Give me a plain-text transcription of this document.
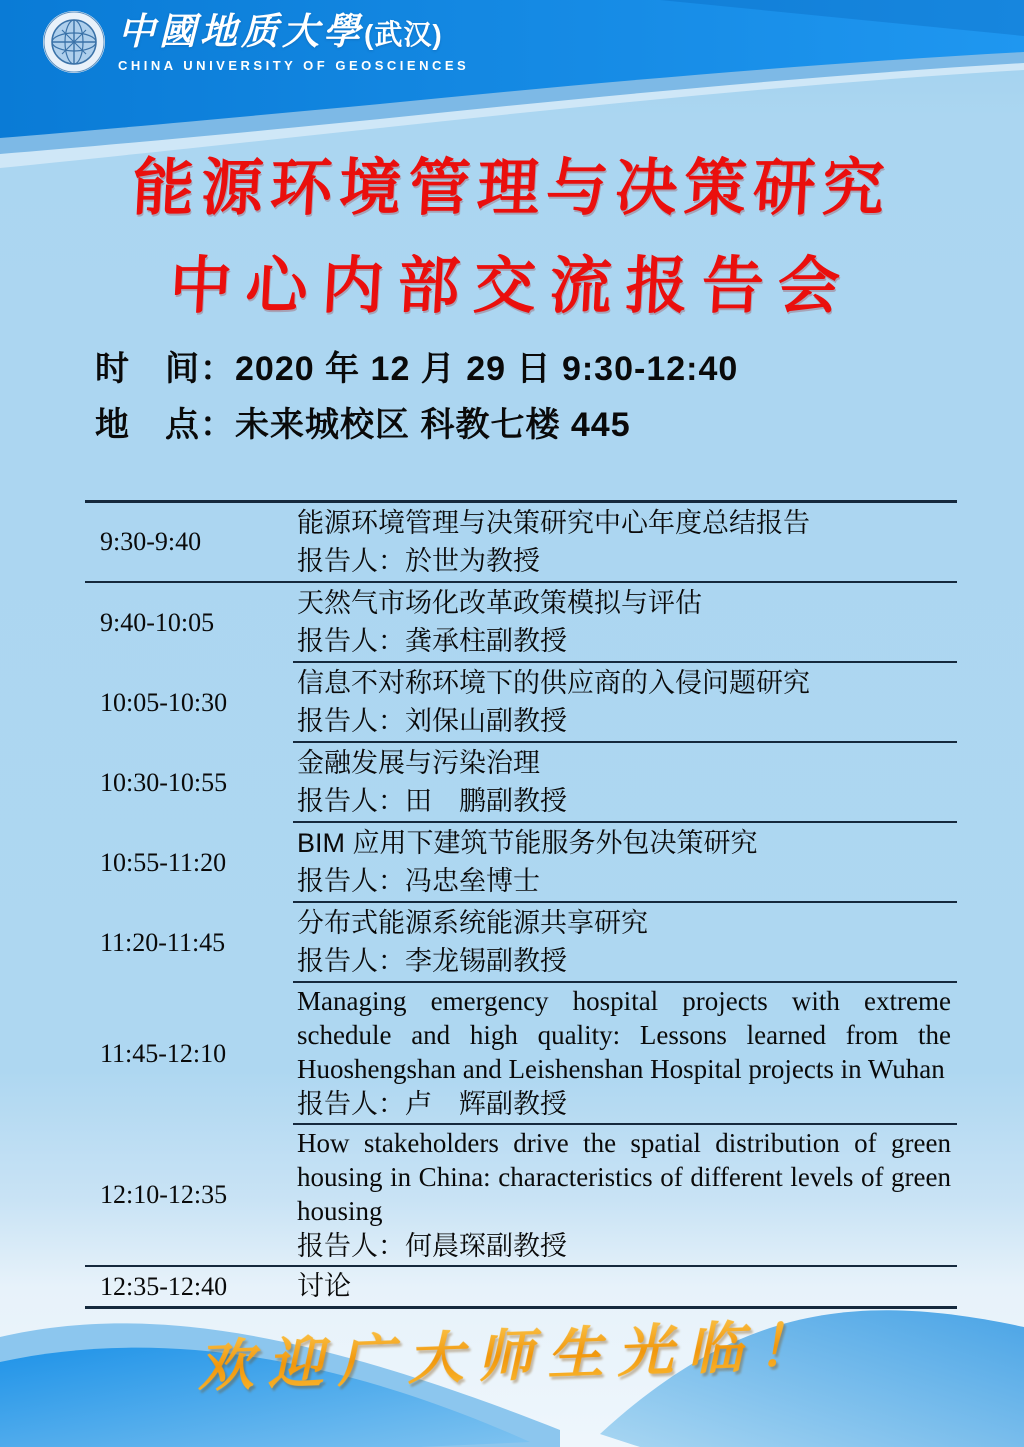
中國地质大學(武汉)
CHINA UNIVERSITY OF GEOSCIENCES
能源环境管理与决策研究
中心内部交流报告会
时　间：2020 年 12 月 29 日 9:30-12:40
地　点：未来城校区 科教七楼 445
9:30-9:40
能源环境管理与决策研究中心年度总结报告
报告人：於世为教授
9:40-10:05
天然气市场化改革政策模拟与评估
报告人：龚承柱副教授
10:05-10:30
信息不对称环境下的供应商的入侵问题研究
报告人：刘保山副教授
10:30-10:55
金融发展与污染治理
报告人：田　鹏副教授
10:55-11:20
BIM 应用下建筑节能服务外包决策研究
报告人：冯忠垒博士
11:20-11:45
分布式能源系统能源共享研究
报告人：李龙锡副教授
11:45-12:10
Managing emergency hospital projects with extreme schedule and high quality: Lessons learned from the Huoshengshan and Leishenshan Hospital projects in Wuhan
报告人：卢　辉副教授
12:10-12:35
How stakeholders drive the spatial distribution of green housing in China: characteristics of different levels of green housing
报告人：何晨琛副教授
12:35-12:40	讨论
欢迎广大师生光临！
